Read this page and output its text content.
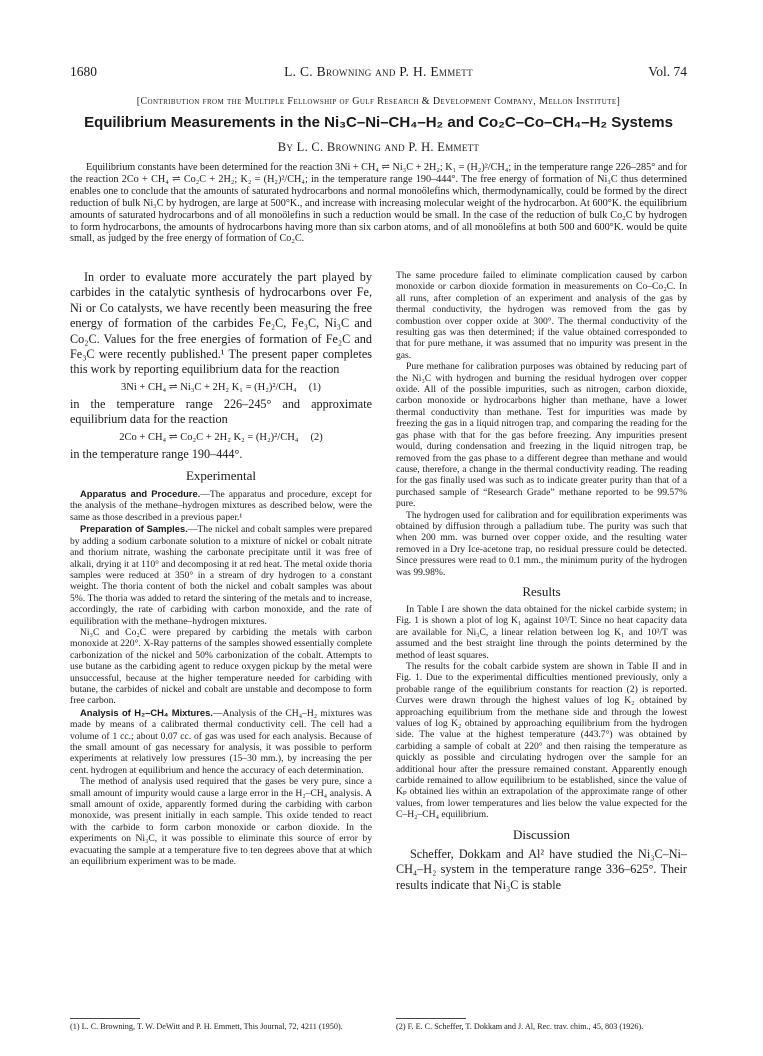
1680	L. C. Browning and P. H. Emmett	Vol. 74
[Contribution from the Multiple Fellowship of Gulf Research & Development Company, Mellon Institute]
Equilibrium Measurements in the Ni₃C–Ni–CH₄–H₂ and Co₂C–Co–CH₄–H₂ Systems
By L. C. Browning and P. H. Emmett

Equilibrium constants have been determined for the reaction 3Ni + CH₄ ⇌ Ni₃C + 2H₂; K₁ = (H₂)²/CH₄; in the temperature range 226–285° and for the reaction 2Co + CH₄ ⇌ Co₂C + 2H₂; K₂ = (H₂)²/CH₄; in the temperature range 190–444°. The free energy of formation of Ni₃C thus determined enables one to conclude that the amounts of saturated hydrocarbons and normal monoölefins which, thermodynamically, could be formed by the direct reduction of bulk Ni₃C by hydrogen, are large at 500°K., and increase with increasing molecular weight of the hydrocarbon. At 600°K. the equilibrium amounts of saturated hydrocarbons and of all monoölefins in such a reduction would be small. In the case of the reduction of bulk Co₂C by hydrogen to form hydrocarbons, the amounts of hydrocarbons having more than six carbon atoms, and of all monoölefins at both 500 and 600°K. would be quite small, as judged by the free energy of formation of Co₂C.

In order to evaluate more accurately the part played by carbides in the catalytic synthesis of hydrocarbons over Fe, Ni or Co catalysts, we have recently been measuring the free energy of formation of the carbides Fe₂C, Fe₃C, Ni₃C and Co₂C. Values for the free energies of formation of Fe₂C and Fe₃C were recently published.¹ The present paper completes this work by reporting equilibrium data for the reaction

3Ni + CH₄ ⇌ Ni₃C + 2H₂ K₁ = (H₂)²/CH₄ (1)

in the temperature range 226–245° and approximate equilibrium data for the reaction

2Co + CH₄ ⇌ Co₂C + 2H₂ K₂ = (H₂)²/CH₄ (2)

in the temperature range 190–444°.

Experimental

Apparatus and Procedure.—The apparatus and procedure, except for the analysis of the methane–hydrogen mixtures as described below, were the same as those described in a previous paper.¹

Preparation of Samples.—The nickel and cobalt samples were prepared by adding a sodium carbonate solution to a mixture of nickel or cobalt nitrate and thorium nitrate, washing the carbonate precipitate until it was free of alkali, drying it at 110° and decomposing it at red heat. The metal oxide thoria samples were reduced at 350° in a stream of dry hydrogen to a constant weight. The thoria content of both the nickel and cobalt samples was about 5%. The thoria was added to retard the sintering of the metals and to increase, accordingly, the rate of carbiding with carbon monoxide, and the rate of equilibration with the methane–hydrogen mixtures.

Ni₃C and Co₂C were prepared by carbiding the metals with carbon monoxide at 220°. X-Ray patterns of the samples showed essentially complete carbonization of the nickel and 50% carbonization of the cobalt. Attempts to use butane as the carbiding agent to reduce oxygen pickup by the metal were unsuccessful, because at the higher temperature needed for carbiding with butane, the carbides of nickel and cobalt are unstable and decompose to form free carbon.

Analysis of H₂–CH₄ Mixtures.—Analysis of the CH₄–H₂ mixtures was made by means of a calibrated thermal conductivity cell. The cell had a volume of 1 cc.; about 0.07 cc. of gas was used for each analysis. Because of the small amount of gas necessary for analysis, it was possible to perform experiments at relatively low pressures (15–30 mm.), by increasing the per cent. hydrogen at equilibrium and hence the accuracy of each determination.

The method of analysis used required that the gases be very pure, since a small amount of impurity would cause a large error in the H₂–CH₄ analysis. A small amount of oxide, apparently formed during the carbiding with carbon monoxide, was present initially in each sample. This oxide tended to react with the carbide to form carbon monoxide or carbon dioxide. In the experiments on Ni₃C, it was possible to eliminate this source of error by evacuating the sample at a temperature five to ten degrees above that at which an equilibrium experiment was to be made.

The same procedure failed to eliminate complication caused by carbon monoxide or carbon dioxide formation in measurements on Co–Co₂C. In all runs, after completion of an experiment and analysis of the gas by thermal conductivity, the hydrogen was removed from the gas by combustion over copper oxide at 300°. The thermal conductivity of the resulting gas was then determined; if the value obtained corresponded to that for pure methane, it was assumed that no impurity was present in the gas.

Pure methane for calibration purposes was obtained by reducing part of the Ni₃C with hydrogen and burning the residual hydrogen over copper oxide. All of the possible impurities, such as nitrogen, carbon dioxide, carbon monoxide or hydrocarbons higher than methane, have a lower thermal conductivity than methane. Test for impurities was made by freezing the gas in a liquid nitrogen trap, and comparing the reading for the gas phase with that for the gas before freezing. Any impurities present would, during condensation and freezing in the liquid nitrogen trap, be removed from the gas phase to a different degree than methane and would cause, therefore, a change in the thermal conductivity reading. The reading for the gas finally used was such as to indicate greater purity than that of a purchased sample of “Research Grade” methane reported to be 99.57% pure.

The hydrogen used for calibration and for equilibration experiments was obtained by diffusion through a palladium tube. The purity was such that when 200 mm. was burned over copper oxide, and the resulting water removed in a Dry Ice-acetone trap, no residual pressure could be detected. Since pressures were read to 0.1 mm., the minimum purity of the hydrogen was 99.98%.

Results

In Table I are shown the data obtained for the nickel carbide system; in Fig. 1 is shown a plot of log K₁ against 10³/T. Since no heat capacity data are available for Ni₃C, a linear relation between log K₁ and 10³/T was assumed and the best straight line through the points determined by the method of least squares.

The results for the cobalt carbide system are shown in Table II and in Fig. 1. Due to the experimental difficulties mentioned previously, only a probable range of the equilibrium constants for reaction (2) is reported. Curves were drawn through the highest values of log K₂ obtained by approaching equilibrium from the methane side and through the lowest values of log K₂ obtained by approaching equilibrium from the hydrogen side. The value at the highest temperature (443.7°) was obtained by carbiding a sample of cobalt at 220° and then raising the temperature as quickly as possible and circulating hydrogen over the sample for an additional hour after the pressure remained constant. Apparently enough carbide remained to allow equilibrium to be established, since the value of Kₚ obtained lies within an extrapolation of the approximate range of other values, from lower temperatures and lies below the value expected for the C–H₂–CH₄ equilibrium.

Discussion

Scheffer, Dokkam and Al² have studied the Ni₃C–Ni–CH₄–H₂ system in the temperature range 336–625°. Their results indicate that Ni₃C is stable

(1) L. C. Browning, T. W. DeWitt and P. H. Emmett, This Journal, 72, 4211 (1950).	(2) F. E. C. Scheffer, T. Dokkam and J. Al, Rec. trav. chim., 45, 803 (1926).
